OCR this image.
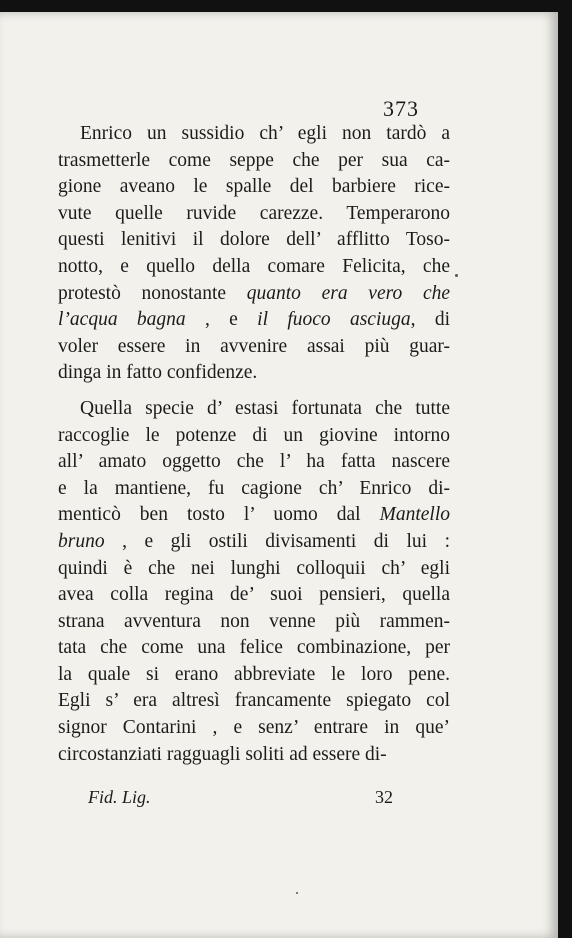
373
Enrico un sussidio ch’ egli non tardò a
trasmetterle come seppe che per sua ca-
gione aveano le spalle del barbiere rice-
vute quelle ruvide carezze. Temperarono
questi lenitivi il dolore dell’ afflitto Toso-
notto, e quello della comare Felicita, che
protestò nonostante quanto era vero che
l’acqua bagna , e il fuoco asciuga, di
voler essere in avvenire assai più guar-
dinga in fatto confidenze.
Quella specie d’ estasi fortunata che tutte
raccoglie le potenze di un giovine intorno
all’ amato oggetto che l’ ha fatta nascere
e la mantiene, fu cagione ch’ Enrico di-
menticò ben tosto l’ uomo dal Mantello
bruno , e gli ostili divisamenti di lui :
quindi è che nei lunghi colloquii ch’ egli
avea colla regina de’ suoi pensieri, quella
strana avventura non venne più rammen-
tata che come una felice combinazione, per
la quale si erano abbreviate le loro pene.
Egli s’ era altresì francamente spiegato col
signor Contarini , e senz’ entrare in que’
circostanziati ragguagli soliti ad essere di-
Fid. Lig.	32
